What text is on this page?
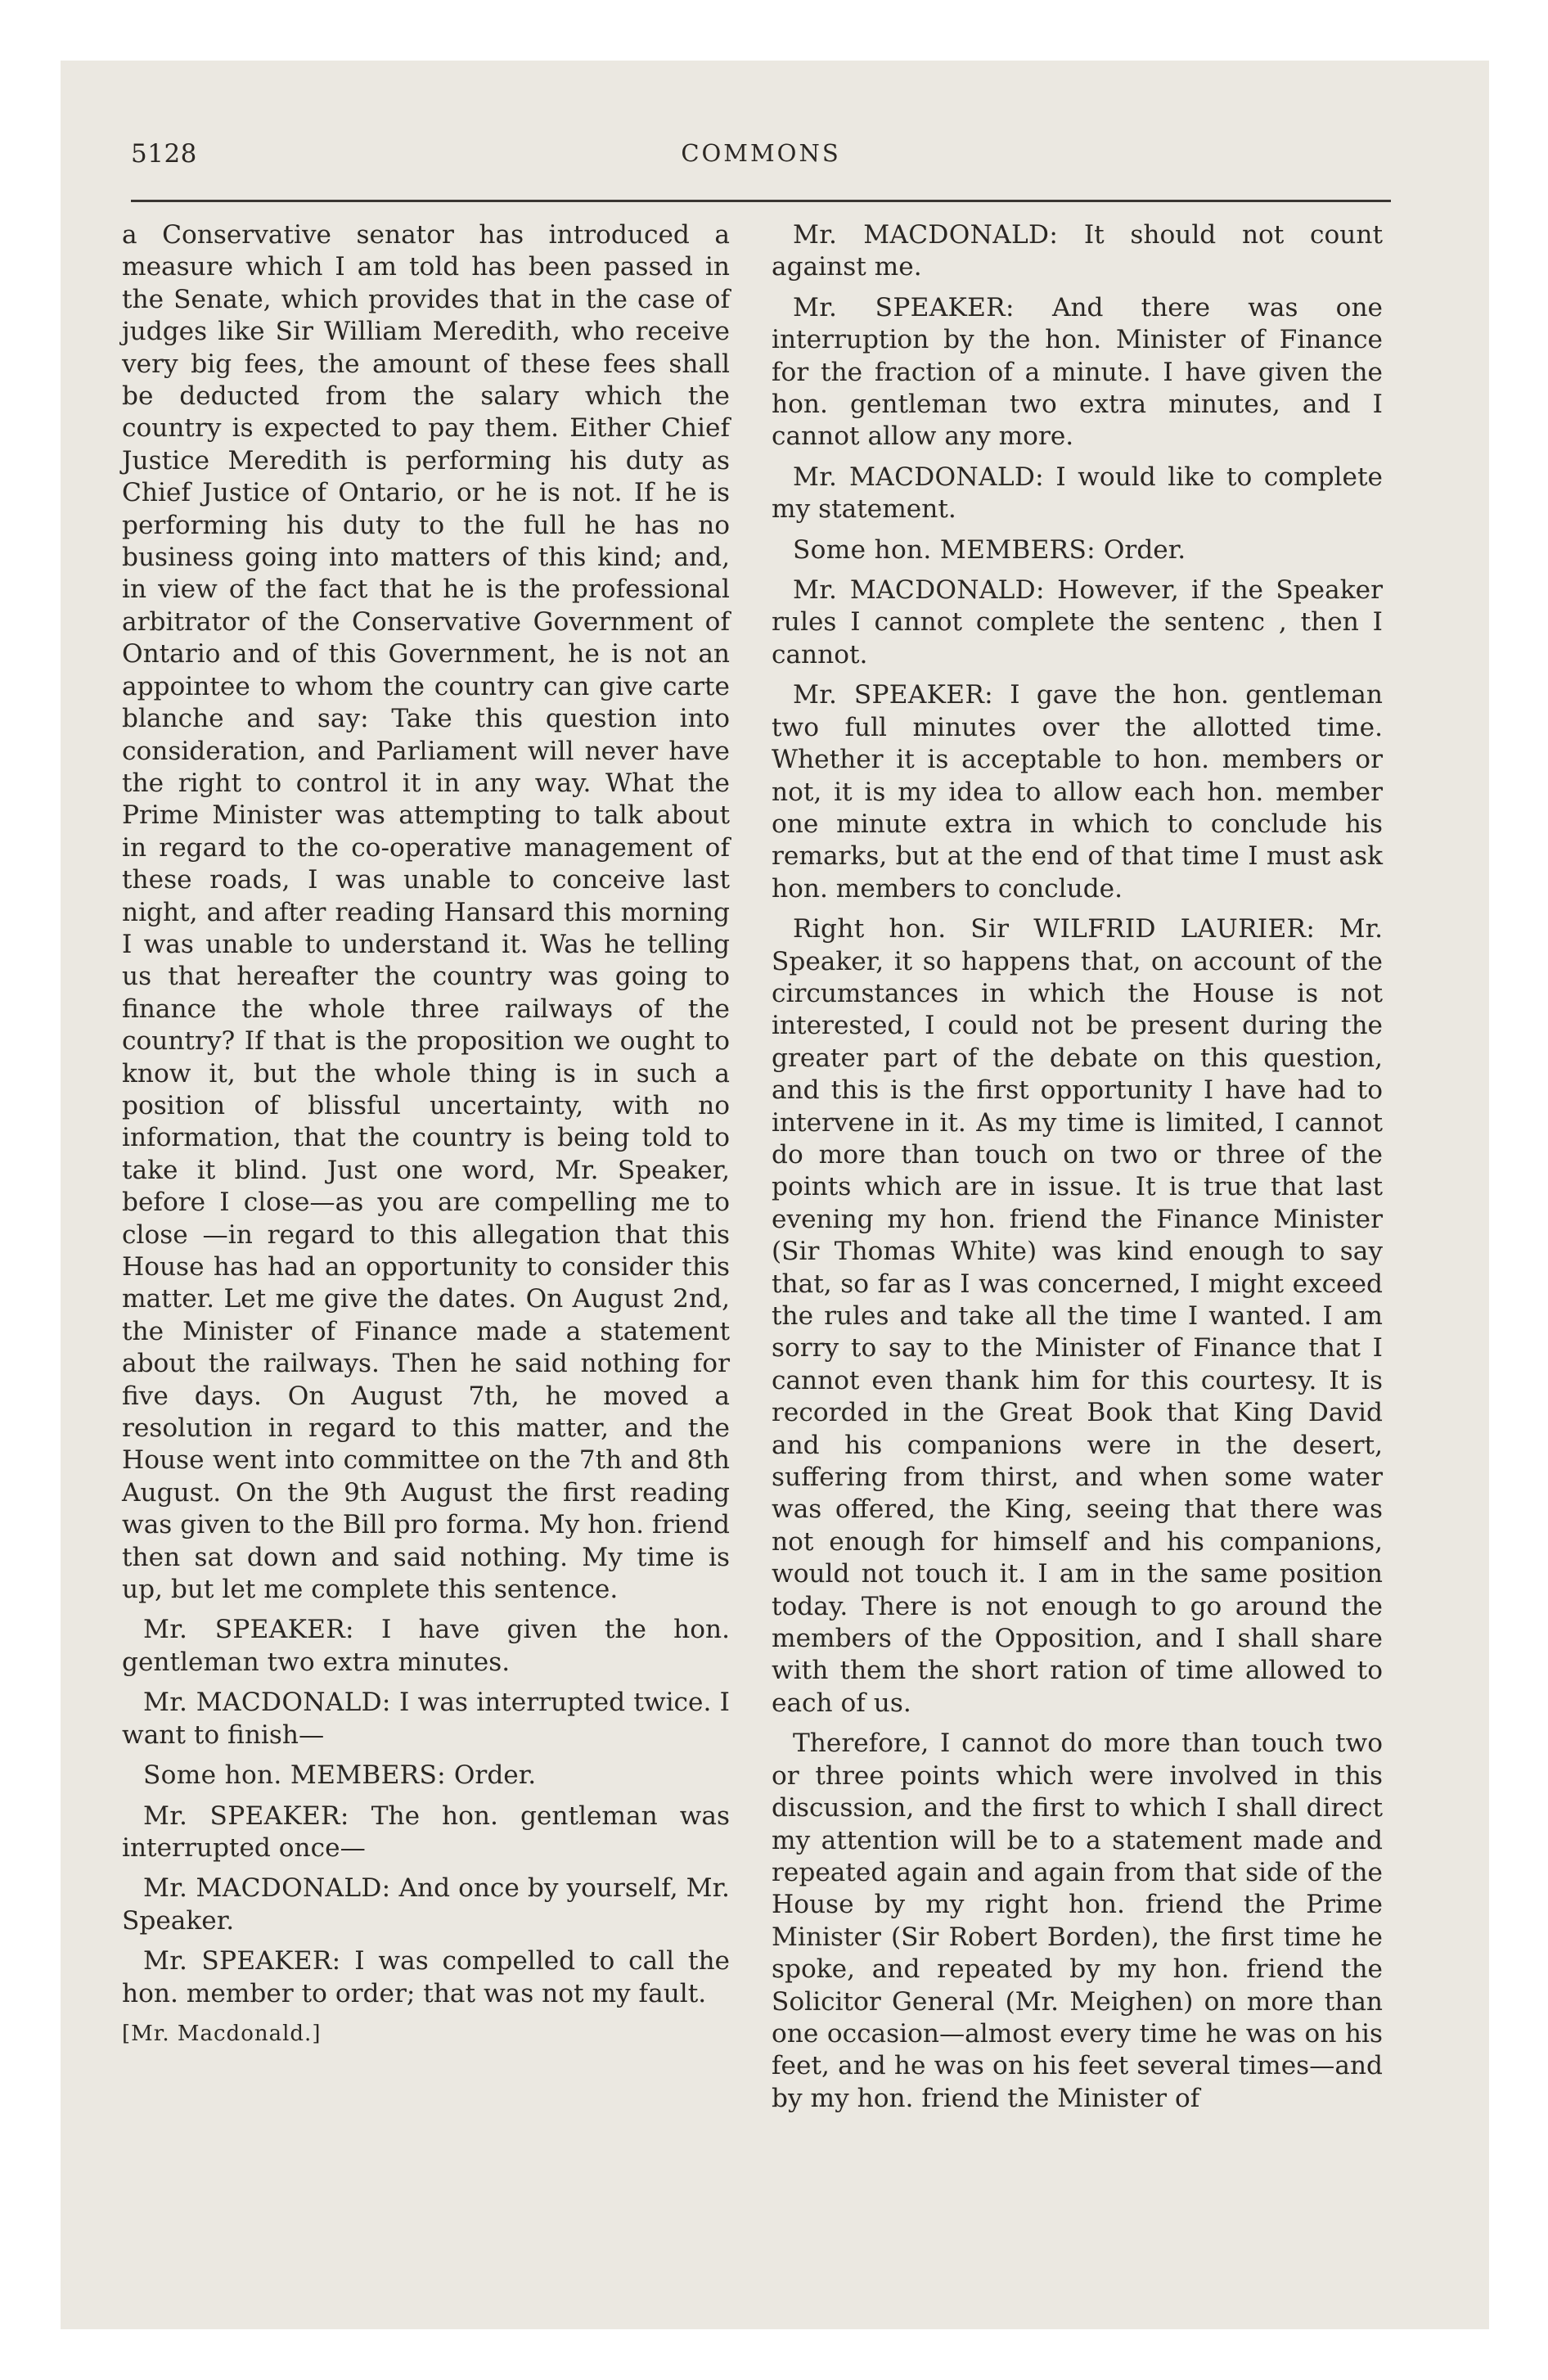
5128	COMMONS

a Conservative senator has introduced a measure which I am told has been passed in the Senate, which provides that in the case of judges like Sir William Meredith, who receive very big fees, the amount of these fees shall be deducted from the salary which the country is expected to pay them. Either Chief Justice Meredith is performing his duty as Chief Justice of Ontario, or he is not. If he is performing his duty to the full he has no business going into matters of this kind; and, in view of the fact that he is the professional arbitrator of the Conservative Government of Ontario and of this Government, he is not an appointee to whom the country can give carte blanche and say: Take this question into consideration, and Parliament will never have the right to control it in any way. What the Prime Minister was attempting to talk about in regard to the co-operative management of these roads, I was unable to conceive last night, and after reading Hansard this morning I was unable to understand it. Was he telling us that hereafter the country was going to finance the whole three railways of the country? If that is the proposition we ought to know it, but the whole thing is in such a position of blissful uncertainty, with no information, that the country is being told to take it blind. Just one word, Mr. Speaker, before I close—as you are compelling me to close —in regard to this allegation that this House has had an opportunity to consider this matter. Let me give the dates. On August 2nd, the Minister of Finance made a statement about the railways. Then he said nothing for five days. On August 7th, he moved a resolution in regard to this matter, and the House went into committee on the 7th and 8th August. On the 9th August the first reading was given to the Bill pro forma. My hon. friend then sat down and said nothing. My time is up, but let me complete this sentence.

Mr. SPEAKER: I have given the hon. gentleman two extra minutes.

Mr. MACDONALD: I was interrupted twice. I want to finish—

Some hon. MEMBERS: Order.

Mr. SPEAKER: The hon. gentleman was interrupted once—

Mr. MACDONALD: And once by yourself, Mr. Speaker.

Mr. SPEAKER: I was compelled to call the hon. member to order; that was not my fault.

[Mr. Macdonald.]

Mr. MACDONALD: It should not count against me.

Mr. SPEAKER: And there was one interruption by the hon. Minister of Finance for the fraction of a minute. I have given the hon. gentleman two extra minutes, and I cannot allow any more.

Mr. MACDONALD: I would like to complete my statement.

Some hon. MEMBERS: Order.

Mr. MACDONALD: However, if the Speaker rules I cannot complete the sentenc , then I cannot.

Mr. SPEAKER: I gave the hon. gentleman two full minutes over the allotted time. Whether it is acceptable to hon. members or not, it is my idea to allow each hon. member one minute extra in which to conclude his remarks, but at the end of that time I must ask hon. members to conclude.

Right hon. Sir WILFRID LAURIER: Mr. Speaker, it so happens that, on account of the circumstances in which the House is not interested, I could not be present during the greater part of the debate on this question, and this is the first opportunity I have had to intervene in it. As my time is limited, I cannot do more than touch on two or three of the points which are in issue. It is true that last evening my hon. friend the Finance Minister (Sir Thomas White) was kind enough to say that, so far as I was concerned, I might exceed the rules and take all the time I wanted. I am sorry to say to the Minister of Finance that I cannot even thank him for this courtesy. It is recorded in the Great Book that King David and his companions were in the desert, suffering from thirst, and when some water was offered, the King, seeing that there was not enough for himself and his companions, would not touch it. I am in the same position today. There is not enough to go around the members of the Opposition, and I shall share with them the short ration of time allowed to each of us.

Therefore, I cannot do more than touch two or three points which were involved in this discussion, and the first to which I shall direct my attention will be to a statement made and repeated again and again from that side of the House by my right hon. friend the Prime Minister (Sir Robert Borden), the first time he spoke, and repeated by my hon. friend the Solicitor General (Mr. Meighen) on more than one occasion—almost every time he was on his feet, and he was on his feet several times—and by my hon. friend the Minister of
